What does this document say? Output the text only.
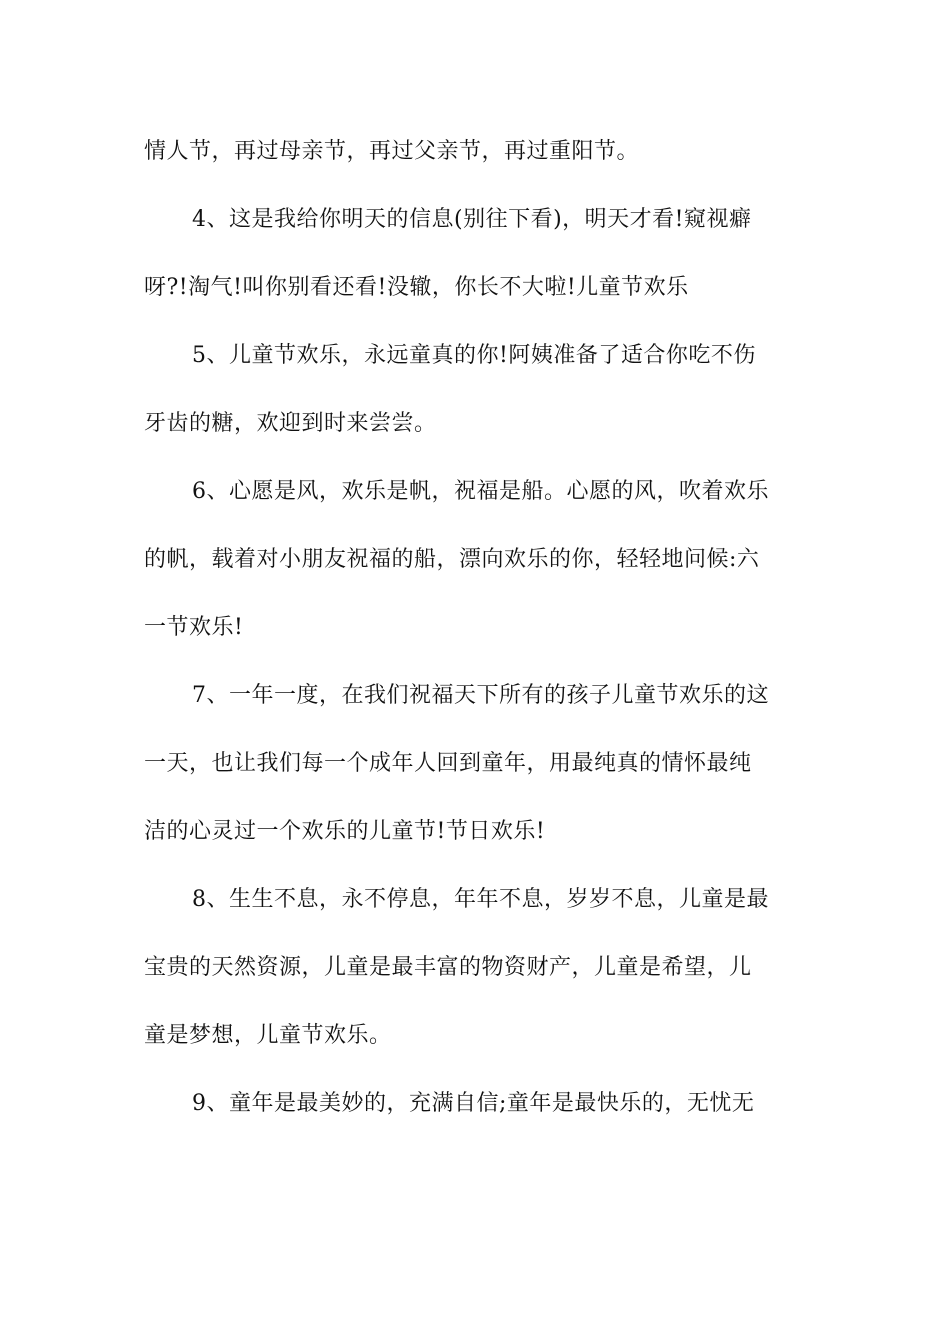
情人节，再过母亲节，再过父亲节，再过重阳节。
4、这是我给你明天的信息(别往下看)，明天才看!窥视癖
呀?!淘气!叫你别看还看!没辙，你长不大啦!儿童节欢乐
5、儿童节欢乐，永远童真的你!阿姨准备了适合你吃不伤
牙齿的糖，欢迎到时来尝尝。
6、心愿是风，欢乐是帆，祝福是船。心愿的风，吹着欢乐
的帆，载着对小朋友祝福的船，漂向欢乐的你，轻轻地问候:六
一节欢乐!
7、一年一度，在我们祝福天下所有的孩子儿童节欢乐的这
一天，也让我们每一个成年人回到童年，用最纯真的情怀最纯
洁的心灵过一个欢乐的儿童节!节日欢乐!
8、生生不息，永不停息，年年不息，岁岁不息，儿童是最
宝贵的天然资源，儿童是最丰富的物资财产，儿童是希望，儿
童是梦想，儿童节欢乐。
9、童年是最美妙的，充满自信;童年是最快乐的，无忧无
